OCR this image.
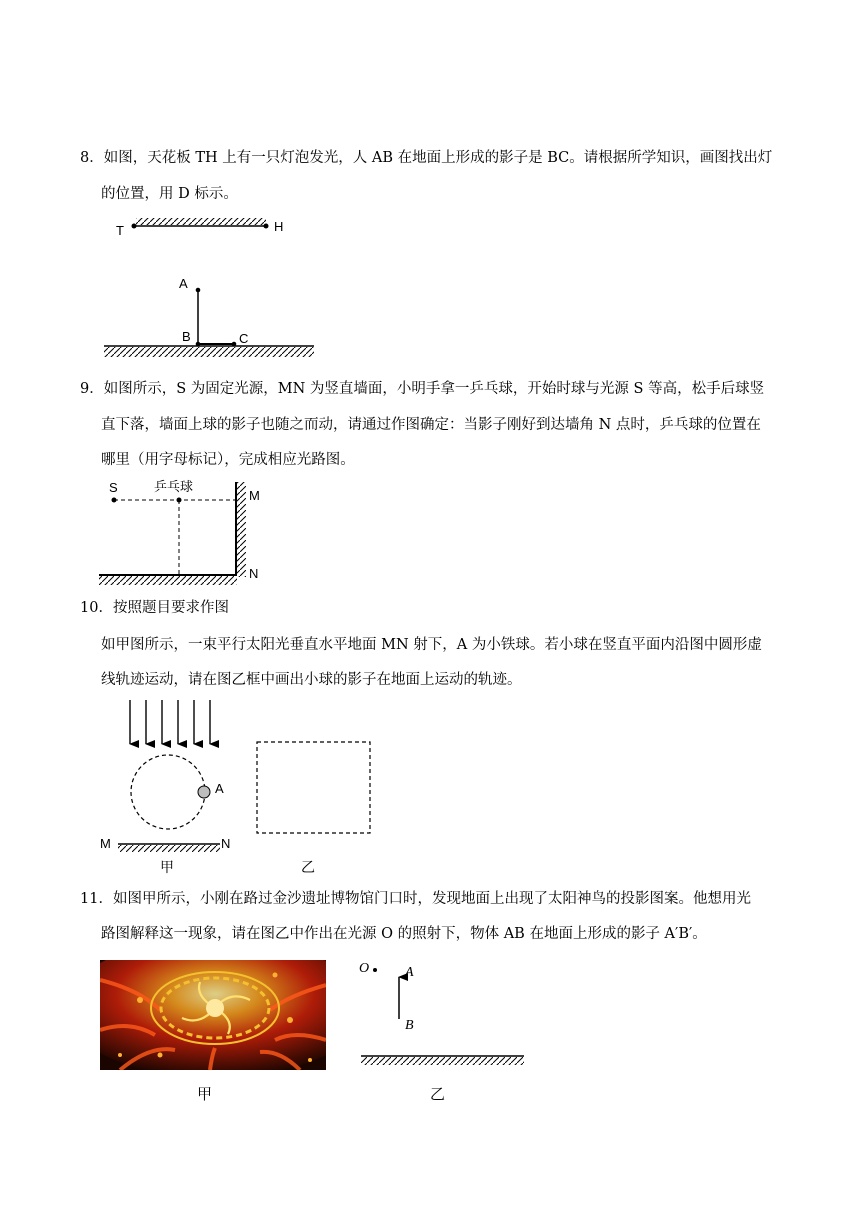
8．如图，天花板 TH 上有一只灯泡发光，人 AB 在地面上形成的影子是 BC。请根据所学知识，画图找出灯
的位置，用 D 标示。
T	H
A
B	C
9．如图所示，S 为固定光源，MN 为竖直墙面，小明手拿一乒乓球，开始时球与光源 S 等高，松手后球竖
直下落，墙面上球的影子也随之而动，请通过作图确定：当影子刚好到达墙角 N 点时，乒乓球的位置在
哪里（用字母标记），完成相应光路图。
S	乒乓球
M
N
10．按照题目要求作图
如甲图所示，一束平行太阳光垂直水平地面 MN 射下，A 为小铁球。若小球在竖直平面内沿图中圆形虚
线轨迹运动，请在图乙框中画出小球的影子在地面上运动的轨迹。
A
M	N
甲	乙
11．如图甲所示，小刚在路过金沙遗址博物馆门口时，发现地面上出现了太阳神鸟的投影图案。他想用光
路图解释这一现象，请在图乙中作出在光源 O 的照射下，物体 AB 在地面上形成的影子 A′B′。
甲
O	A
B
乙
